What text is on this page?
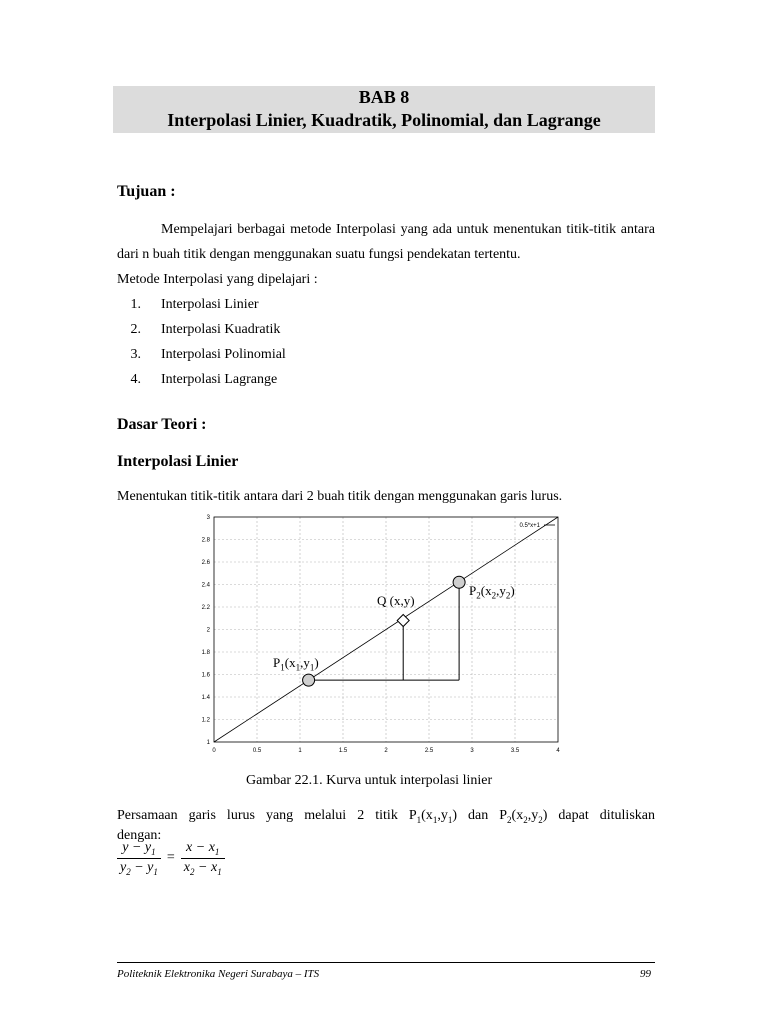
BAB 8
Interpolasi Linier, Kuadratik, Polinomial, dan Lagrange
Tujuan :

Mempelajari berbagai metode Interpolasi yang ada untuk menentukan titik-titik antara dari n buah titik dengan menggunakan suatu fungsi pendekatan tertentu.

Metode Interpolasi yang dipelajari :

1. Interpolasi Linier
2. Interpolasi Kuadratik
3. Interpolasi Polinomial
4. Interpolasi Lagrange
Dasar Teori :
Interpolasi Linier
Menentukan titik-titik antara dari 2 buah titik dengan menggunakan garis lurus.
0	0.5	1	1.5	2	2.5	3	3.5	4
1
1.2
1.4
1.6
1.8
2
2.2
2.4
2.6
2.8
3
0.5*x+1
$P_1(x_1,y_1)$
Q (x,y)
$P_2(x_2,y_2)$
Gambar 22.1. Kurva untuk interpolasi linier
Persamaan garis lurus yang melalui 2 titik $P_1(x_1,y_1)$ dan $P_2(x_2,y_2)$ dapat dituliskan
dengan:
$\frac{y - y_1}{y_2 - y_1} = \frac{x - x_1}{x_2 - x_1}$
Politeknik Elektronika Negeri Surabaya – ITS	99
